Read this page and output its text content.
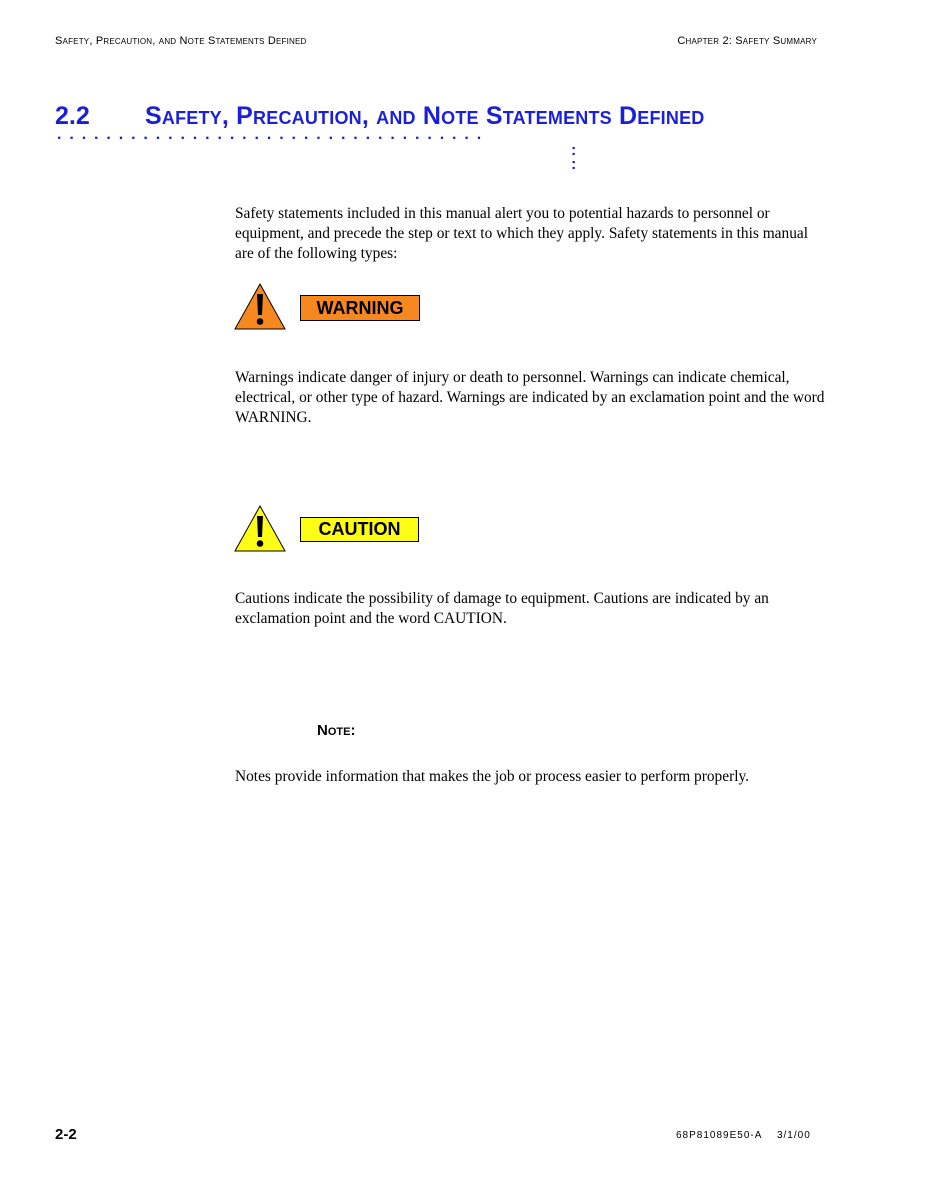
Safety, Precaution, and Note Statements Defined	Chapter 2: Safety Summary
2.2 Safety, Precaution, and Note Statements Defined
...................................
:
:

Safety statements included in this manual alert you to potential hazards to personnel or equipment, and precede the step or text to which they apply. Safety statements in this manual are of the following types:

WARNING

Warnings indicate danger of injury or death to personnel. Warnings can indicate chemical, electrical, or other type of hazard. Warnings are indicated by an exclamation point and the word WARNING.

CAUTION

Cautions indicate the possibility of damage to equipment. Cautions are indicated by an exclamation point and the word CAUTION.

Note:

Notes provide information that makes the job or process easier to perform properly.

2-2	68P81089E50-A    3/1/00
